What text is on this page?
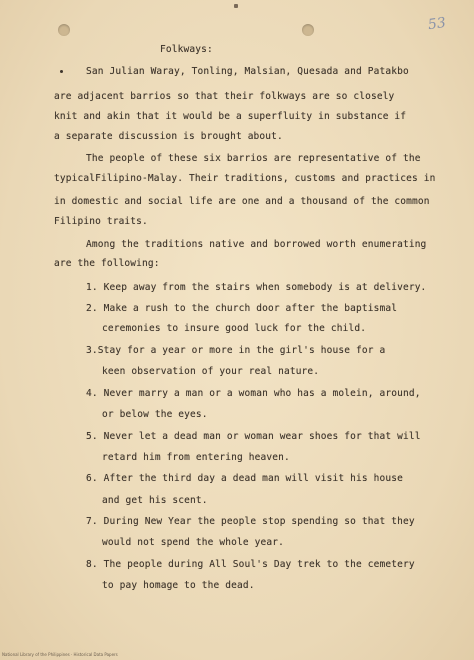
53
Folkways:
San Julian Waray, Tonling, Malsian, Quesada and Patakbo
are adjacent barrios so that their folkways are so closely
knit and akin that it would be a superfluity in substance if
a separate discussion is brought about.
The people of these six barrios are representative of the
typicalFilipino-Malay. Their traditions, customs and practices in
in domestic and social life are one and a thousand of the common
Filipino traits.
Among the traditions native and borrowed worth enumerating
are the following:
1. Keep away from the stairs when somebody is at delivery.
2. Make a rush to the church door after the baptismal
ceremonies to insure good luck for the child.
3.Stay for a year or more in the girl's house for a
keen observation of your real nature.
4. Never marry a man or a woman who has a molein, around,
or below the eyes.
5. Never let a dead man or woman wear shoes for that will
retard him from entering heaven.
6. After the third day a dead man will visit his house
and get his scent.
7. During New Year the people stop spending so that they
would not spend the whole year.
8. The people during All Soul's Day trek to the cemetery
to pay homage to the dead.
National Library of the Philippines · Historical Data Papers
